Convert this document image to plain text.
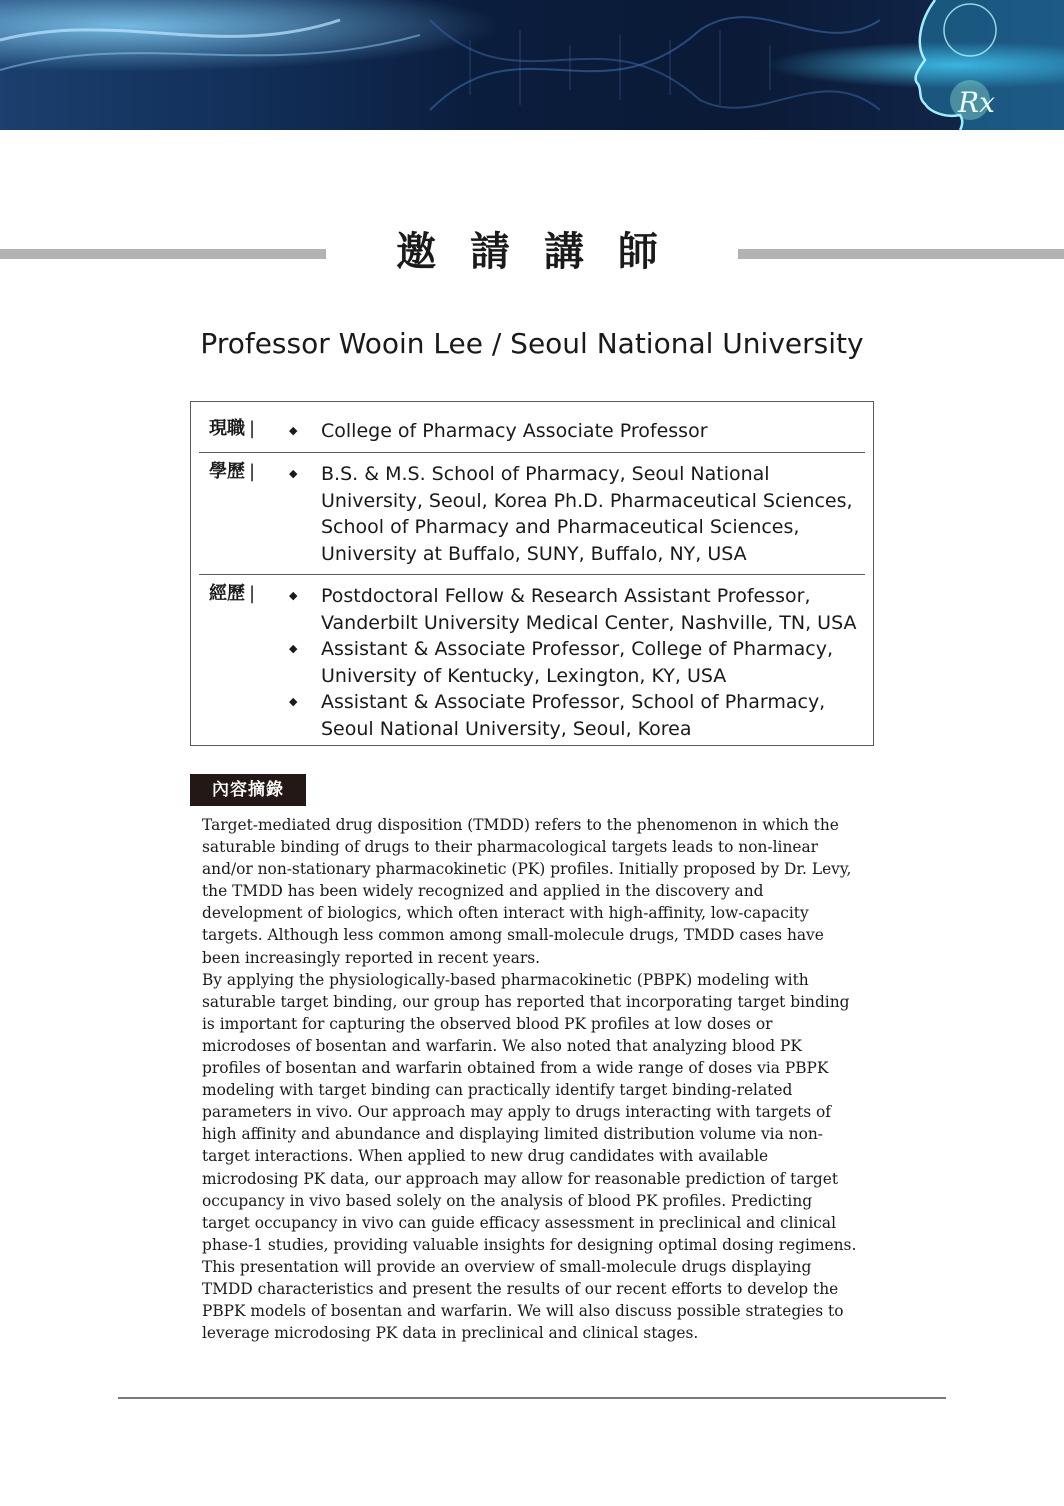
Rx
邀 請 講 師
Professor Wooin Lee / Seoul National University
現職 |	◆ College of Pharmacy Associate Professor
學歷 |	◆ B.S. & M.S. School of Pharmacy, Seoul National University, Seoul, Korea Ph.D. Pharmaceutical Sciences, School of Pharmacy and Pharmaceutical Sciences, University at Buffalo, SUNY, Buffalo, NY, USA
經歷 |	◆ Postdoctoral Fellow & Research Assistant Professor, Vanderbilt University Medical Center, Nashville, TN, USA
◆ Assistant & Associate Professor, College of Pharmacy, University of Kentucky, Lexington, KY, USA
◆ Assistant & Associate Professor, School of Pharmacy, Seoul National University, Seoul, Korea
內容摘錄

Target-mediated drug disposition (TMDD) refers to the phenomenon in which the saturable binding of drugs to their pharmacological targets leads to non-linear and/or non-stationary pharmacokinetic (PK) profiles. Initially proposed by Dr. Levy, the TMDD has been widely recognized and applied in the discovery and development of biologics, which often interact with high-affinity, low-capacity targets. Although less common among small-molecule drugs, TMDD cases have been increasingly reported in recent years.

By applying the physiologically-based pharmacokinetic (PBPK) modeling with saturable target binding, our group has reported that incorporating target binding is important for capturing the observed blood PK profiles at low doses or microdoses of bosentan and warfarin. We also noted that analyzing blood PK profiles of bosentan and warfarin obtained from a wide range of doses via PBPK modeling with target binding can practically identify target binding-related parameters in vivo. Our approach may apply to drugs interacting with targets of high affinity and abundance and displaying limited distribution volume via non-target interactions. When applied to new drug candidates with available microdosing PK data, our approach may allow for reasonable prediction of target occupancy in vivo based solely on the analysis of blood PK profiles. Predicting target occupancy in vivo can guide efficacy assessment in preclinical and clinical phase-1 studies, providing valuable insights for designing optimal dosing regimens.

This presentation will provide an overview of small-molecule drugs displaying TMDD characteristics and present the results of our recent efforts to develop the PBPK models of bosentan and warfarin. We will also discuss possible strategies to leverage microdosing PK data in preclinical and clinical stages.
